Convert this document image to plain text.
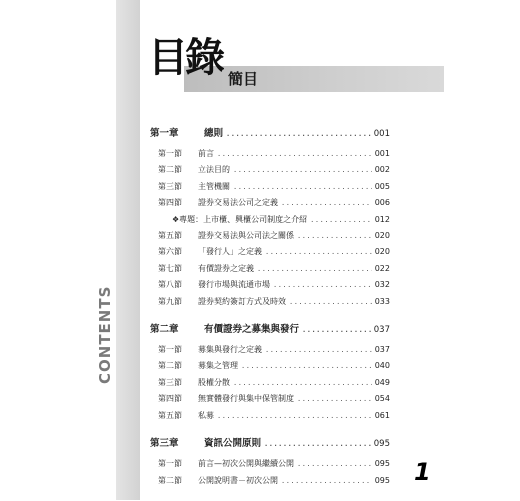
CONTENTS
目錄 簡目
第一章	總則 .....	001
第一節	前言 .....	001
第二節	立法目的 .....	002
第三節	主管機關 .....	005
第四節	證券交易法公司之定義 .....	006
❖專題： 上市櫃、興櫃公司制度之介紹 .....	012
第五節	證券交易法與公司法之關係 .....	020
第六節	「發行人」之定義 .....	020
第七節	有價證券之定義 .....	022
第八節	發行市場與流通市場 .....	032
第九節	證券契約簽訂方式及時效 .....	033
第二章	有價證券之募集與發行 .....	037
第一節	募集與發行之定義 .....	037
第二節	募集之管理 .....	040
第三節	股權分散 .....	049
第四節	無實體發行與集中保管制度 .....	054
第五節	私募 .....	061
第三章	資訊公開原則 .....	095
第一節	前言—初次公開與繼續公開 .....	095
第二節	公開說明書－初次公開 .....	095 1
